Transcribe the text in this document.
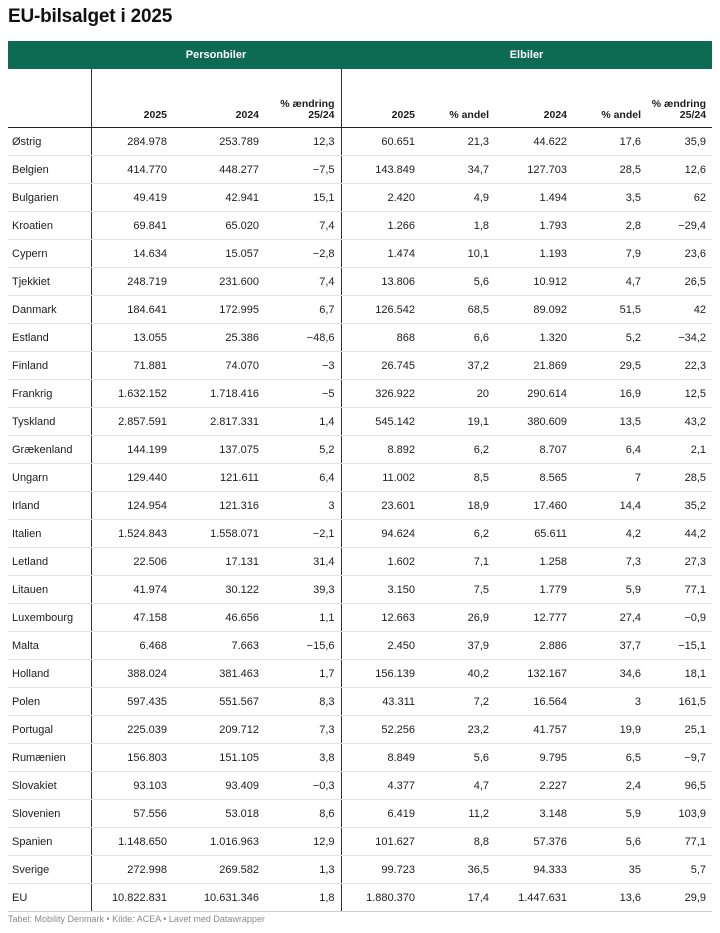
EU-bilsalget i 2025
	Personbiler			Elbiler				
	2025	2024	% ændring 25/24	2025	% andel	2024	% andel	% ændring 25/24
Østrig	284.978	253.789	12,3	60.651	21,3	44.622	17,6	35,9
Belgien	414.770	448.277	−7,5	143.849	34,7	127.703	28,5	12,6
Bulgarien	49.419	42.941	15,1	2.420	4,9	1.494	3,5	62
Kroatien	69.841	65.020	7,4	1.266	1,8	1.793	2,8	−29,4
Cypern	14.634	15.057	−2,8	1.474	10,1	1.193	7,9	23,6
Tjekkiet	248.719	231.600	7,4	13.806	5,6	10.912	4,7	26,5
Danmark	184.641	172.995	6,7	126.542	68,5	89.092	51,5	42
Estland	13.055	25.386	−48,6	868	6,6	1.320	5,2	−34,2
Finland	71.881	74.070	−3	26.745	37,2	21.869	29,5	22,3
Frankrig	1.632.152	1.718.416	−5	326.922	20	290.614	16,9	12,5
Tyskland	2.857.591	2.817.331	1,4	545.142	19,1	380.609	13,5	43,2
Grækenland	144.199	137.075	5,2	8.892	6,2	8.707	6,4	2,1
Ungarn	129.440	121.611	6,4	11.002	8,5	8.565	7	28,5
Irland	124.954	121.316	3	23.601	18,9	17.460	14,4	35,2
Italien	1.524.843	1.558.071	−2,1	94.624	6,2	65.611	4,2	44,2
Letland	22.506	17.131	31,4	1.602	7,1	1.258	7,3	27,3
Litauen	41.974	30.122	39,3	3.150	7,5	1.779	5,9	77,1
Luxembourg	47.158	46.656	1,1	12.663	26,9	12.777	27,4	−0,9
Malta	6.468	7.663	−15,6	2.450	37,9	2.886	37,7	−15,1
Holland	388.024	381.463	1,7	156.139	40,2	132.167	34,6	18,1
Polen	597.435	551.567	8,3	43.311	7,2	16.564	3	161,5
Portugal	225.039	209.712	7,3	52.256	23,2	41.757	19,9	25,1
Rumænien	156.803	151.105	3,8	8.849	5,6	9.795	6,5	−9,7
Slovakiet	93.103	93.409	−0,3	4.377	4,7	2.227	2,4	96,5
Slovenien	57.556	53.018	8,6	6.419	11,2	3.148	5,9	103,9
Spanien	1.148.650	1.016.963	12,9	101.627	8,8	57.376	5,6	77,1
Sverige	272.998	269.582	1,3	99.723	36,5	94.333	35	5,7
EU	10.822.831	10.631.346	1,8	1.880.370	17,4	1.447.631	13,6	29,9
Tabel: Mobility Denmark • Kilde: ACEA • Lavet med Datawrapper
